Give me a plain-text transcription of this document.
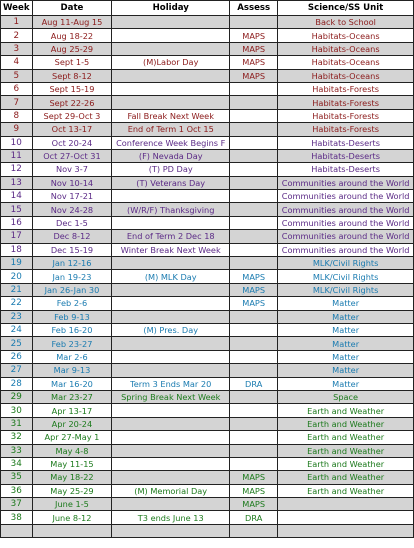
Week	Date	Holiday	Assess	Science/SS Unit
1	Aug 11-Aug 15			Back to School
2	Aug 18-22		MAPS	Habitats-Oceans
3	Aug 25-29		MAPS	Habitats-Oceans
4	Sept 1-5	(M)Labor Day	MAPS	Habitats-Oceans
5	Sept 8-12		MAPS	Habitats-Oceans
6	Sept 15-19			Habitats-Forests
7	Sept 22-26			Habitats-Forests
8	Sept 29-Oct 3	Fall Break Next Week		Habitats-Forests
9	Oct 13-17	End of Term 1 Oct 15		Habitats-Forests
10	Oct 20-24	Conference Week Begins F		Habitats-Deserts
11	Oct 27-Oct 31	(F) Nevada Day		Habitats-Deserts
12	Nov 3-7	(T) PD Day		Habitats-Deserts
13	Nov 10-14	(T) Veterans Day		Communities around the World
14	Nov 17-21			Communities around the World
15	Nov 24-28	(W/R/F) Thanksgiving		Communities around the World
16	Dec 1-5			Communities around the World
17	Dec 8-12	End of Term 2 Dec 18		Communities around the World
18	Dec 15-19	Winter Break Next Week		Communities around the World
19	Jan 12-16			MLK/Civil Rights
20	Jan 19-23	(M) MLK Day	MAPS	MLK/Civil Rights
21	Jan 26-Jan 30		MAPS	MLK/Civil Rights
22	Feb 2-6		MAPS	Matter
23	Feb 9-13			Matter
24	Feb 16-20	(M) Pres. Day		Matter
25	Feb 23-27			Matter
26	Mar 2-6			Matter
27	Mar 9-13			Matter
28	Mar 16-20	Term 3 Ends Mar 20	DRA	Matter
29	Mar 23-27	Spring Break Next Week		Space
30	Apr 13-17			Earth and Weather
31	Apr 20-24			Earth and Weather
32	Apr 27-May 1			Earth and Weather
33	May 4-8			Earth and Weather
34	May 11-15			Earth and Weather
35	May 18-22		MAPS	Earth and Weather
36	May 25-29	(M) Memorial Day	MAPS	Earth and Weather
37	June 1-5		MAPS	
38	June 8-12	T3 ends June 13	DRA	
